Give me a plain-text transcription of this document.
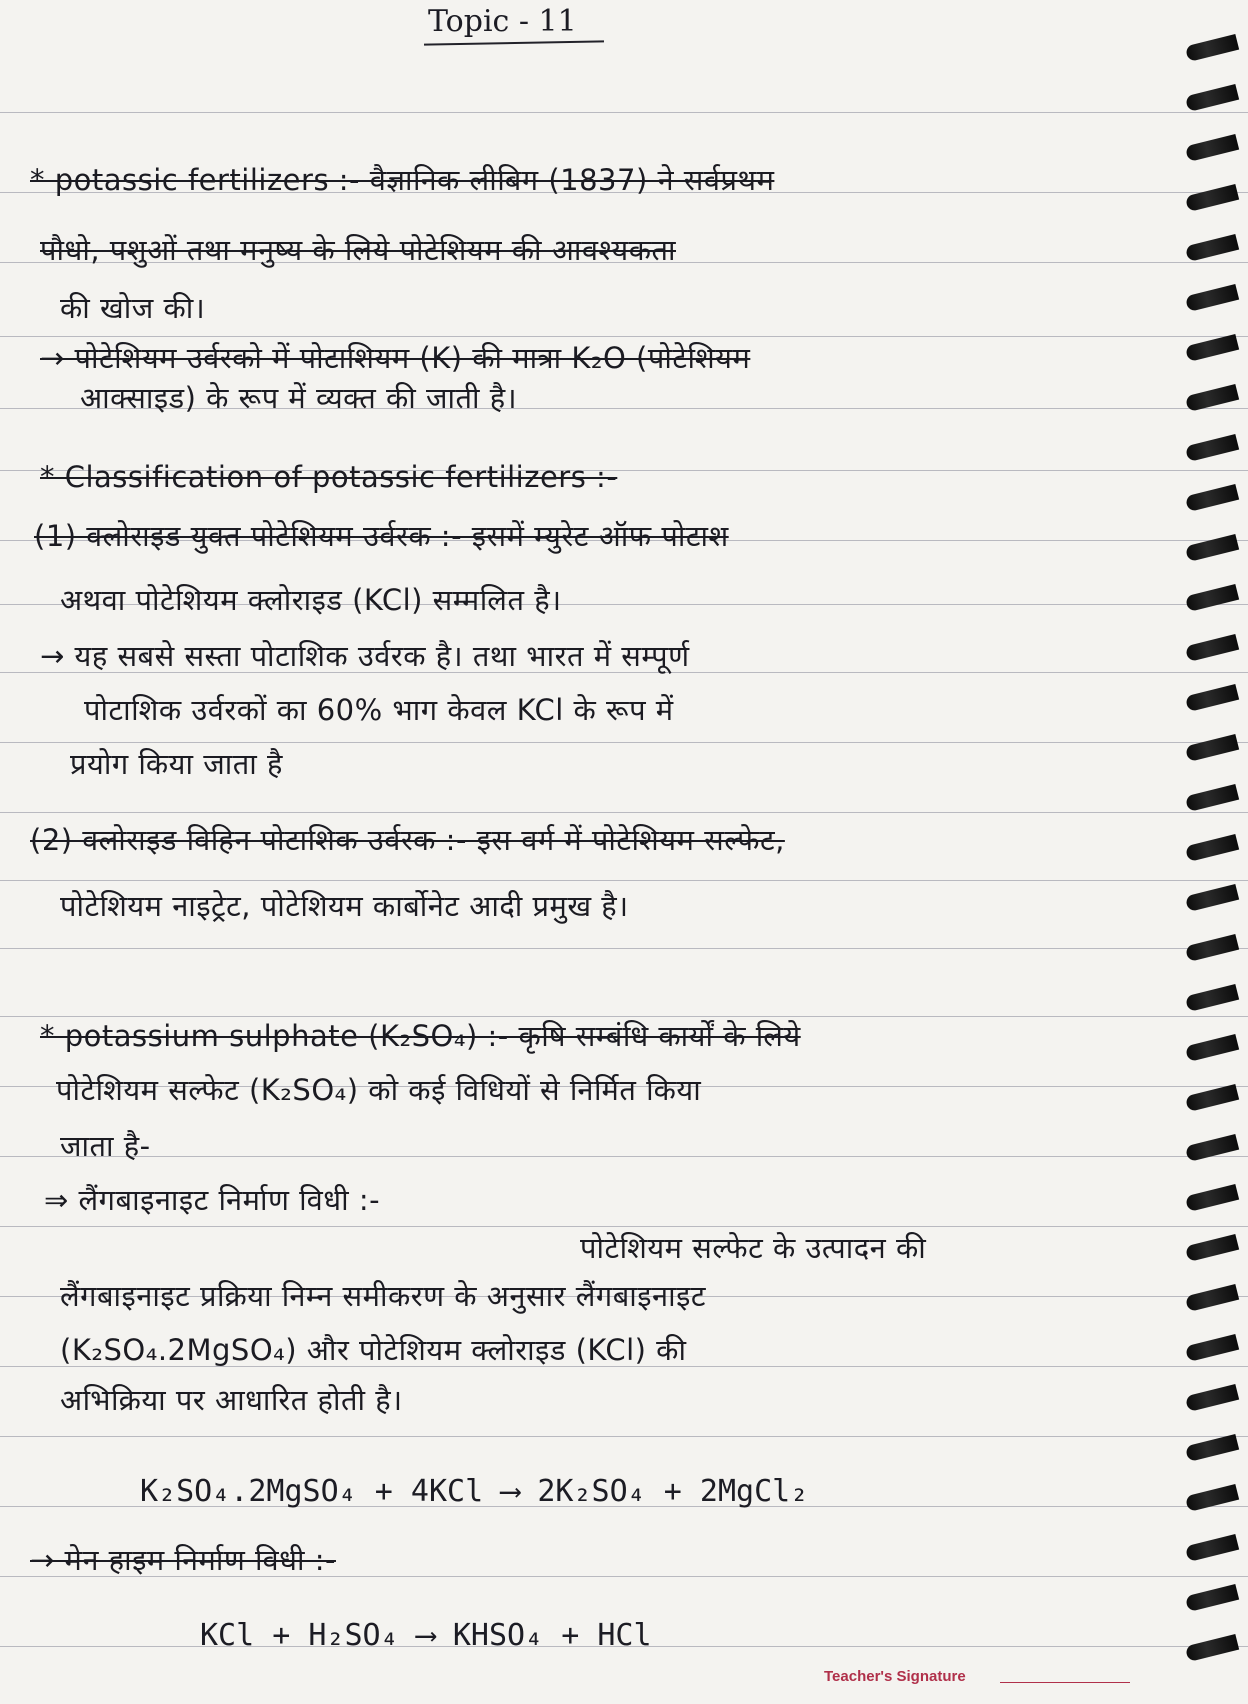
Topic - 11
* potassic fertilizers :- वैज्ञानिक लीबिग (1837) ने सर्वप्रथम
पौधो, पशुओं तथा मनुष्य के लिये पोटेशियम की आवश्यकता
की खोज की।
→ पोटेशियम उर्वरको में पोटाशियम (K) की मात्रा K₂O (पोटेशियम
आक्साइड) के रूप में व्यक्त की जाती है।
* Classification of potassic fertilizers :-
(1) क्लोराइड युक्त पोटेशियम उर्वरक :- इसमें म्युरेट ऑफ पोटाश
अथवा पोटेशियम क्लोराइड (KCl) सम्मलित है।
→ यह सबसे सस्ता पोटाशिक उर्वरक है। तथा भारत में सम्पूर्ण
पोटाशिक उर्वरकों का 60% भाग केवल KCl के रूप में
प्रयोग किया जाता है
(2) क्लोराइड विहिन पोटाशिक उर्वरक :- इस वर्ग में पोटेशियम सल्फेट,
पोटेशियम नाइट्रेट, पोटेशियम कार्बोनेट आदी प्रमुख है।
* potassium sulphate (K₂SO₄) :- कृषि सम्बंधि कार्यों के लिये
पोटेशियम सल्फेट (K₂SO₄) को कई विधियों से निर्मित किया
जाता है-
⇒ लैंगबाइनाइट निर्माण विधी :-
पोटेशियम सल्फेट के उत्पादन की
लैंगबाइनाइट प्रक्रिया निम्न समीकरण के अनुसार लैंगबाइनाइट
(K₂SO₄.2MgSO₄) और पोटेशियम क्लोराइड (KCl) की
अभिक्रिया पर आधारित होती है।
K₂SO₄.2MgSO₄ + 4KCl ⟶ 2K₂SO₄ + 2MgCl₂
→ मेन हाइम निर्माण विधी :-
KCl + H₂SO₄ ⟶ KHSO₄ + HCl
Teacher's Signature
